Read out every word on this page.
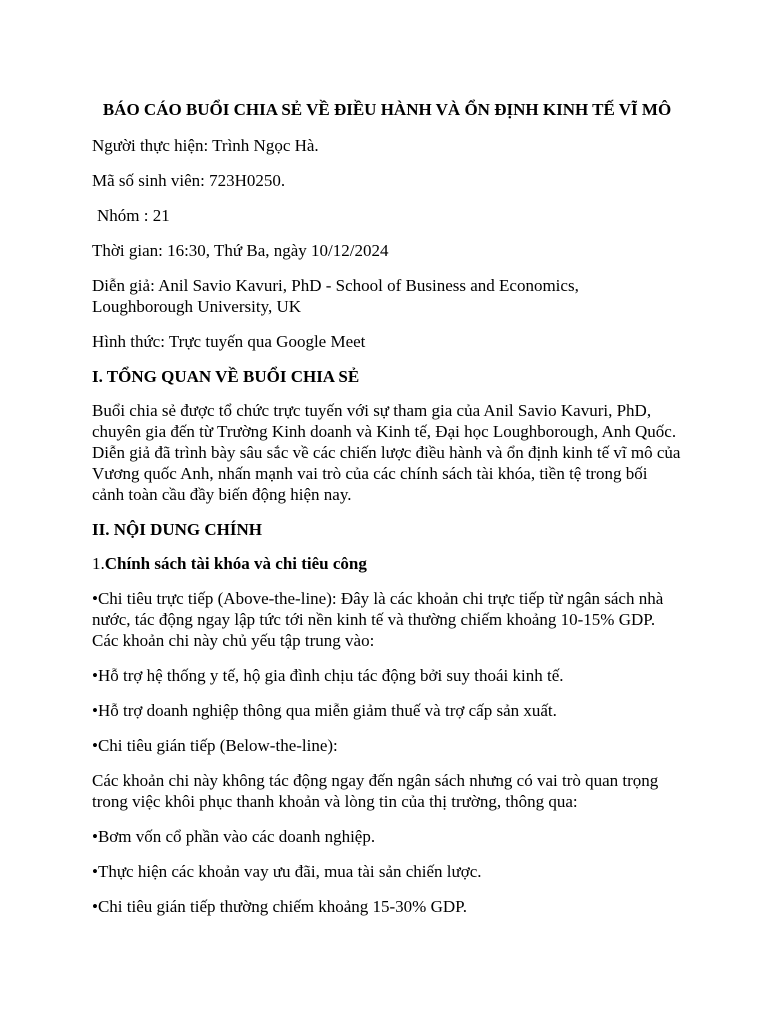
BÁO CÁO BUỔI CHIA SẺ VỀ ĐIỀU HÀNH VÀ ỔN ĐỊNH KINH TẾ VĨ MÔ
Người thực hiện: Trình Ngọc Hà.
Mã số sinh viên: 723H0250.
Nhóm : 21
Thời gian: 16:30, Thứ Ba, ngày 10/12/2024
Diễn giả: Anil Savio Kavuri, PhD - School of Business and Economics, Loughborough University, UK
Hình thức: Trực tuyến qua Google Meet
I. TỔNG QUAN VỀ BUỔI CHIA SẺ
Buổi chia sẻ được tổ chức trực tuyến với sự tham gia của Anil Savio Kavuri, PhD, chuyên gia đến từ Trường Kinh doanh và Kinh tế, Đại học Loughborough, Anh Quốc. Diễn giả đã trình bày sâu sắc về các chiến lược điều hành và ổn định kinh tế vĩ mô của Vương quốc Anh, nhấn mạnh vai trò của các chính sách tài khóa, tiền tệ trong bối cảnh toàn cầu đầy biến động hiện nay.
II. NỘI DUNG CHÍNH
1.Chính sách tài khóa và chi tiêu công
•Chi tiêu trực tiếp (Above-the-line): Đây là các khoản chi trực tiếp từ ngân sách nhà nước, tác động ngay lập tức tới nền kinh tế và thường chiếm khoảng 10-15% GDP. Các khoản chi này chủ yếu tập trung vào:
•Hỗ trợ hệ thống y tế, hộ gia đình chịu tác động bởi suy thoái kinh tế.
•Hỗ trợ doanh nghiệp thông qua miễn giảm thuế và trợ cấp sản xuất.
•Chi tiêu gián tiếp (Below-the-line):
Các khoản chi này không tác động ngay đến ngân sách nhưng có vai trò quan trọng trong việc khôi phục thanh khoản và lòng tin của thị trường, thông qua:
•Bơm vốn cổ phần vào các doanh nghiệp.
•Thực hiện các khoản vay ưu đãi, mua tài sản chiến lược.
•Chi tiêu gián tiếp thường chiếm khoảng 15-30% GDP.
